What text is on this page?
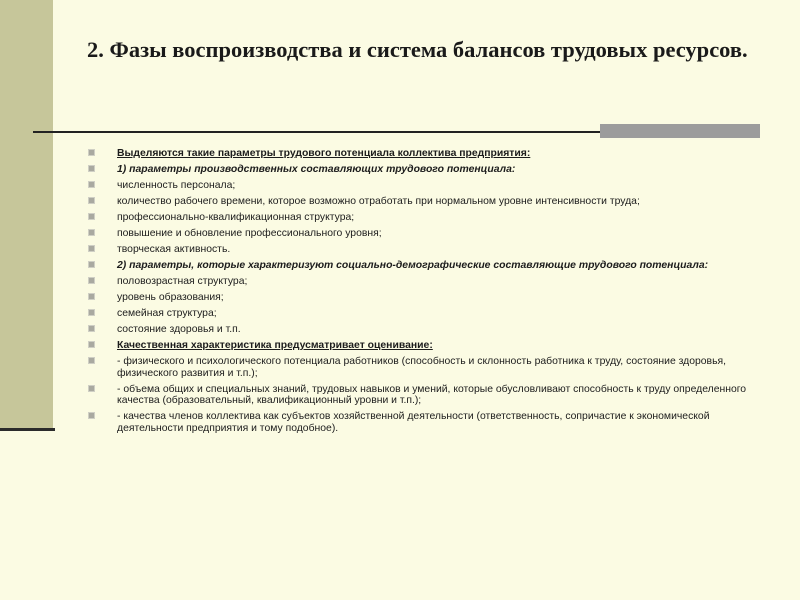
2. Фазы воспроизводства и система балансов трудовых ресурсов.
Выделяются такие параметры трудового потенциала коллектива предприятия:
1) параметры производственных составляющих трудового потенциала:
численность персонала;
количество рабочего времени, которое возможно отработать при нормальном уровне интенсивности труда;
профессионально-квалификационная структура;
повышение и обновление профессионального уровня;
творческая активность.
2) параметры, которые характеризуют социально-демографические составляющие трудового потенциала:
половозрастная структура;
уровень образования;
семейная структура;
состояние здоровья и т.п.
Качественная характеристика предусматривает оценивание:
- физического и психологического потенциала работников (способность и склонность работника к труду, состояние здоровья, физического развития и т.п.);
- объема общих и специальных знаний, трудовых навыков и умений, которые обусловливают способность к труду определенного качества (образовательный, квалификационный уровни и т.п.);
- качества членов коллектива как субъектов хозяйственной деятельности (ответственность, сопричастие к экономической деятельности предприятия и тому подобное).
